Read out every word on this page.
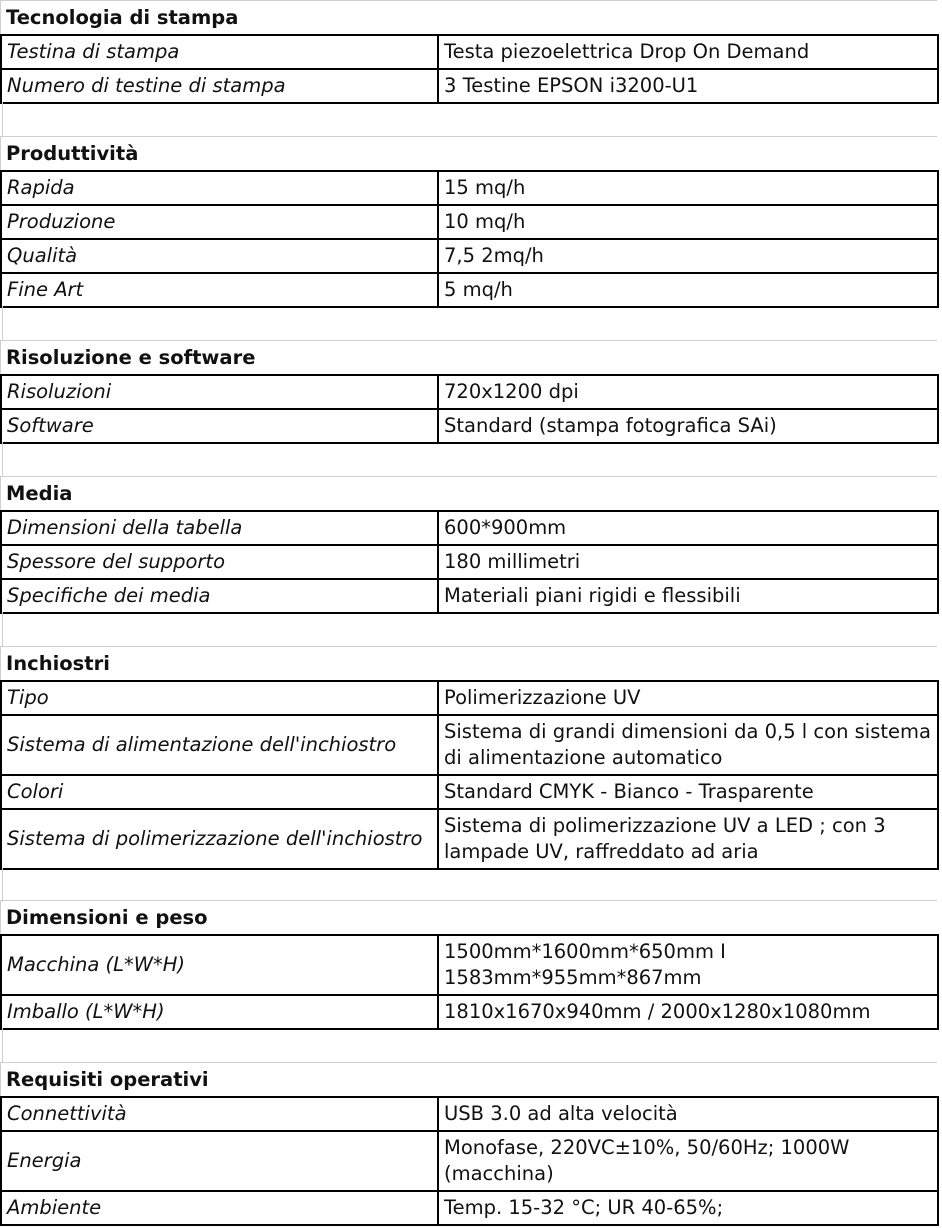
Tecnologia di stampa
Testina di stampa	Testa piezoelettrica Drop On Demand
Numero di testine di stampa	3 Testine EPSON i3200-U1
Produttività
Rapida	15 mq/h
Produzione	10 mq/h
Qualità	7,5 2mq/h
Fine Art	5 mq/h
Risoluzione e software
Risoluzioni	720x1200 dpi
Software	Standard (stampa fotografica SAi)
Media
Dimensioni della tabella	600*900mm
Spessore del supporto	180 millimetri
Specifiche dei media	Materiali piani rigidi e flessibili
Inchiostri
Tipo	Polimerizzazione UV
Sistema di alimentazione dell'inchiostro	Sistema di grandi dimensioni da 0,5 l con sistema di alimentazione automatico
Colori	Standard CMYK - Bianco - Trasparente
Sistema di polimerizzazione dell'inchiostro	Sistema di polimerizzazione UV a LED ; con 3 lampade UV, raffreddato ad aria
Dimensioni e peso
Macchina (L*W*H)	1500mm*1600mm*650mm I 1583mm*955mm*867mm
Imballo (L*W*H)	1810x1670x940mm / 2000x1280x1080mm
Requisiti operativi
Connettività	USB 3.0 ad alta velocità
Energia	Monofase, 220VC±10%, 50/60Hz; 1000W (macchina)
Ambiente	Temp. 15-32 °C; UR 40-65%;
